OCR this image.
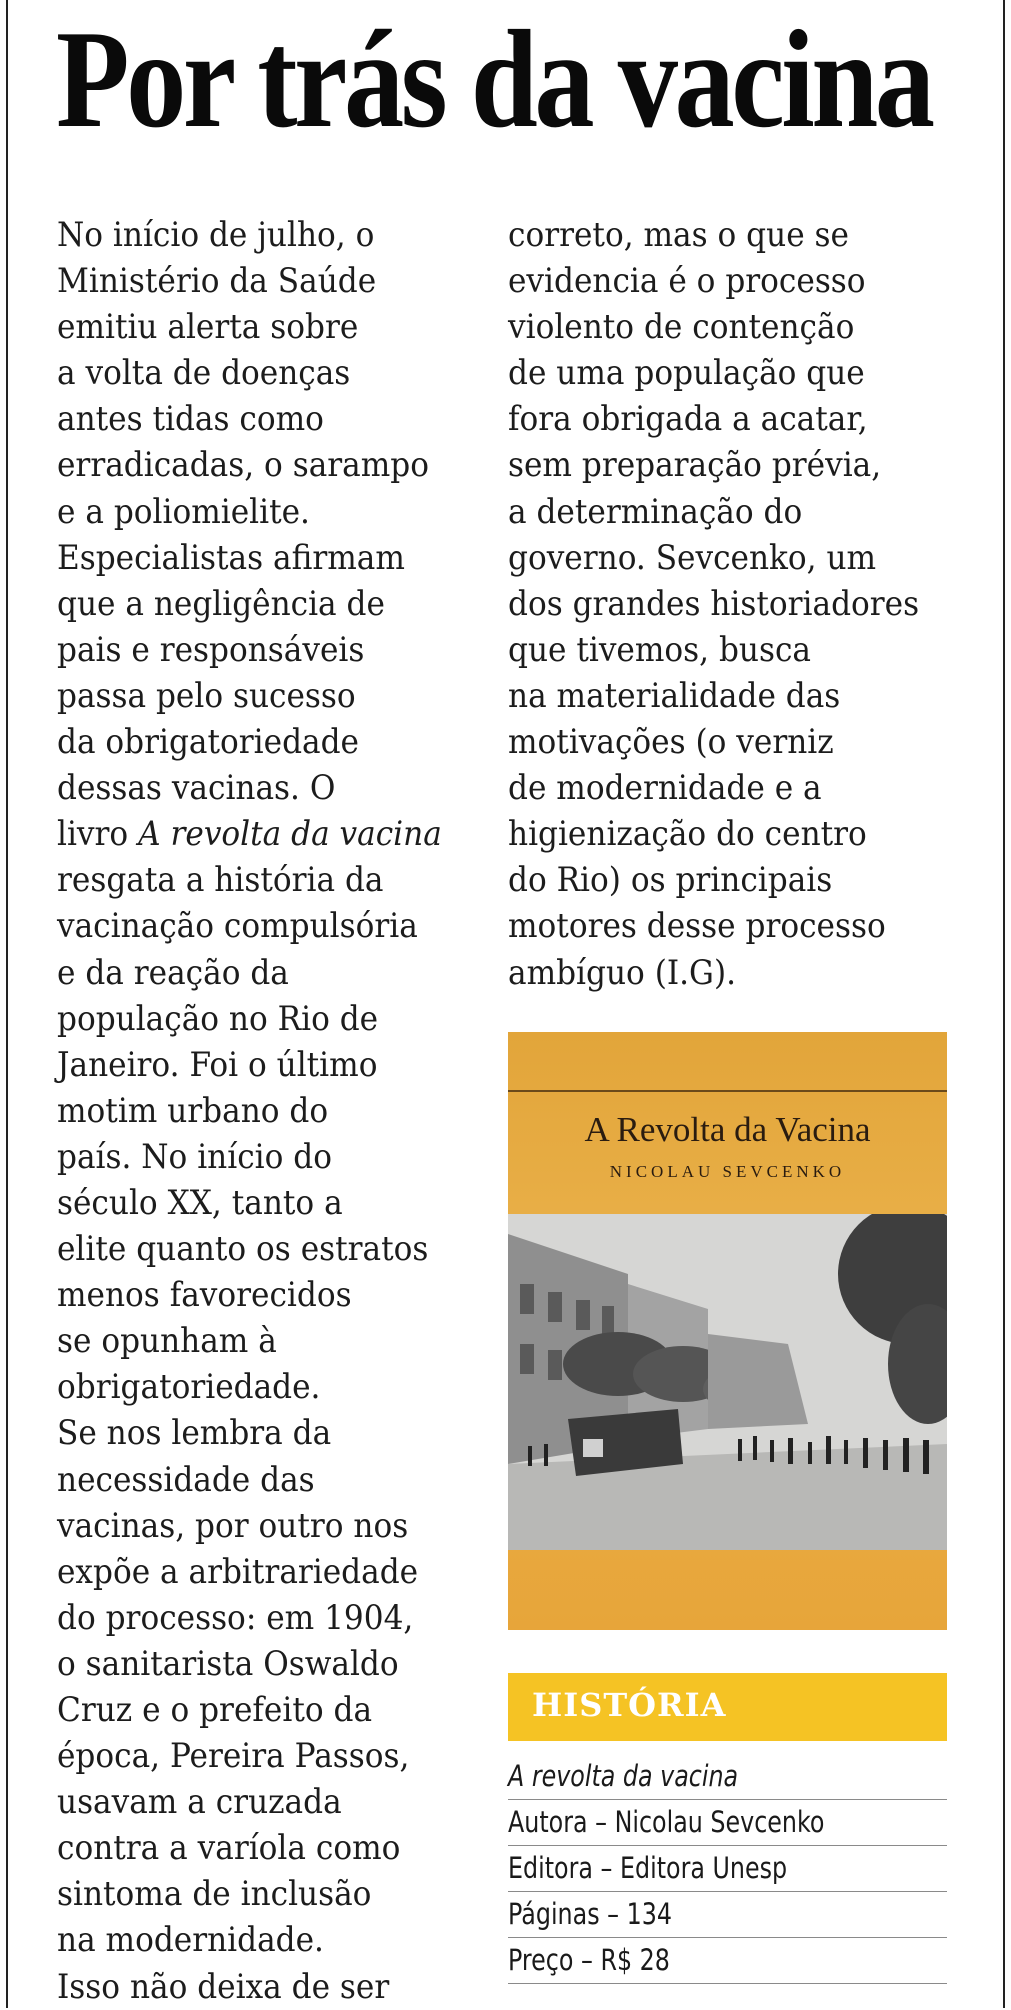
Por trás da vacina
No início de julho, o
Ministério da Saúde
emitiu alerta sobre
a volta de doenças
antes tidas como
erradicadas, o sarampo
e a poliomielite.
Especialistas afirmam
que a negligência de
pais e responsáveis
passa pelo sucesso
da obrigatoriedade
dessas vacinas. O
livro A revolta da vacina
resgata a história da
vacinação compulsória
e da reação da
população no Rio de
Janeiro. Foi o último
motim urbano do
país. No início do
século XX, tanto a
elite quanto os estratos
menos favorecidos
se opunham à
obrigatoriedade.
Se nos lembra da
necessidade das
vacinas, por outro nos
expõe a arbitrariedade
do processo: em 1904,
o sanitarista Oswaldo
Cruz e o prefeito da
época, Pereira Passos,
usavam a cruzada
contra a varíola como
sintoma de inclusão
na modernidade.
Isso não deixa de ser
correto, mas o que se
evidencia é o processo
violento de contenção
de uma população que
fora obrigada a acatar,
sem preparação prévia,
a determinação do
governo. Sevcenko, um
dos grandes historiadores
que tivemos, busca
na materialidade das
motivações (o verniz
de modernidade e a
higienização do centro
do Rio) os principais
motores desse processo
ambíguo (I.G).
A Revolta da Vacina
NICOLAU SEVCENKO
HISTÓRIA
A revolta da vacina
Autora – Nicolau Sevcenko
Editora – Editora Unesp
Páginas – 134
Preço – R$ 28
